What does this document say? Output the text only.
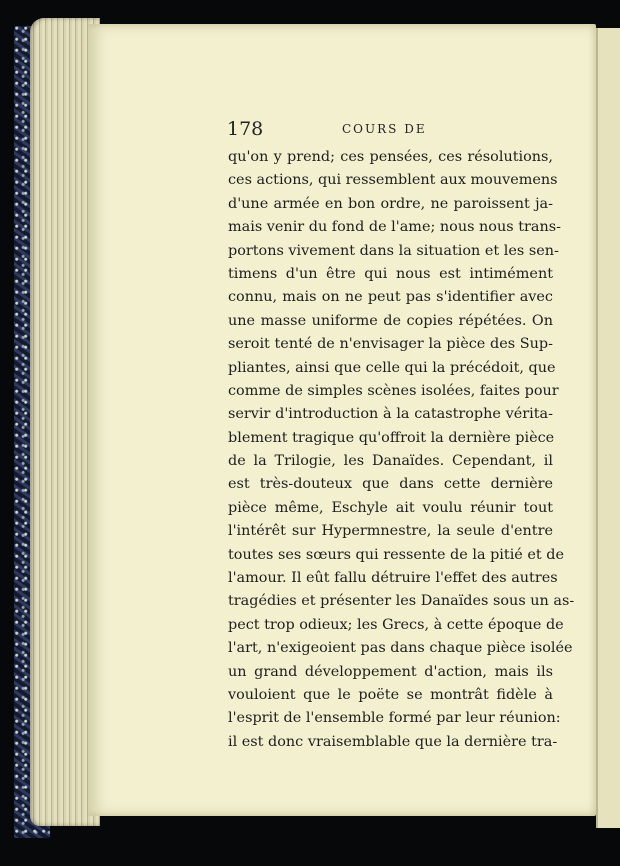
178	COURS DE
qu'on y prend; ces pensées, ces résolutions,
ces actions, qui ressemblent aux mouvemens
d'une armée en bon ordre, ne paroissent ja-
mais venir du fond de l'ame; nous nous trans-
portons vivement dans la situation et les sen-
timens d'un être qui nous est intimément
connu, mais on ne peut pas s'identifier avec
une masse uniforme de copies répétées. On
seroit tenté de n'envisager la pièce des Sup-
pliantes, ainsi que celle qui la précédoit, que
comme de simples scènes isolées, faites pour
servir d'introduction à la catastrophe vérita-
blement tragique qu'offroit la dernière pièce
de la Trilogie, les Danaïdes. Cependant, il
est très-douteux que dans cette dernière
pièce même, Eschyle ait voulu réunir tout
l'intérêt sur Hypermnestre, la seule d'entre
toutes ses sœurs qui ressente de la pitié et de
l'amour. Il eût fallu détruire l'effet des autres
tragédies et présenter les Danaïdes sous un as-
pect trop odieux; les Grecs, à cette époque de
l'art, n'exigeoient pas dans chaque pièce isolée
un grand développement d'action, mais ils
vouloient que le poëte se montrât fidèle à
l'esprit de l'ensemble formé par leur réunion:
il est donc vraisemblable que la dernière tra-
